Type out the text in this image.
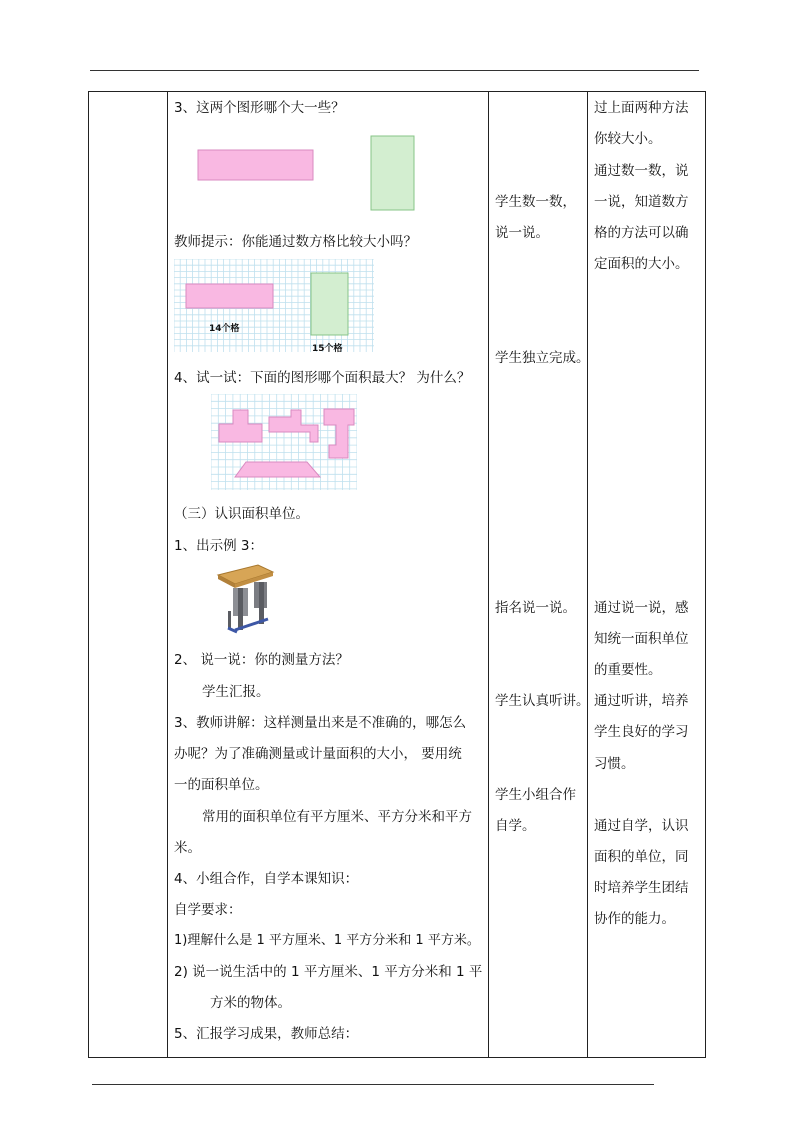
3、这两个图形哪个大一些？
教师提示：你能通过数方格比较大小吗？
14个格
15个格
4、试一试：下面的图形哪个面积最大？ 为什么？
（三）认识面积单位。
1、出示例 3：
2、 说一说：你的测量方法？
学生汇报。
3、教师讲解：这样测量出来是不准确的，哪怎么
办呢？为了准确测量或计量面积的大小， 要用统
一的面积单位。
常用的面积单位有平方厘米、平方分米和平方
米。
4、小组合作，自学本课知识：
自学要求：
1)理解什么是 1 平方厘米、1 平方分米和 1 平方米。
2) 说一说生活中的 1 平方厘米、1 平方分米和 1 平
方米的物体。
5、汇报学习成果，教师总结：
学生数一数，
说一说。
学生独立完成。
指名说一说。
学生认真听讲。
学生小组合作
自学。
过上面两种方法
你较大小。
通过数一数，说
一说，知道数方
格的方法可以确
定面积的大小。
通过说一说，感
知统一面积单位
的重要性。
通过听讲，培养
学生良好的学习
习惯。
通过自学，认识
面积的单位，同
时培养学生团结
协作的能力。
